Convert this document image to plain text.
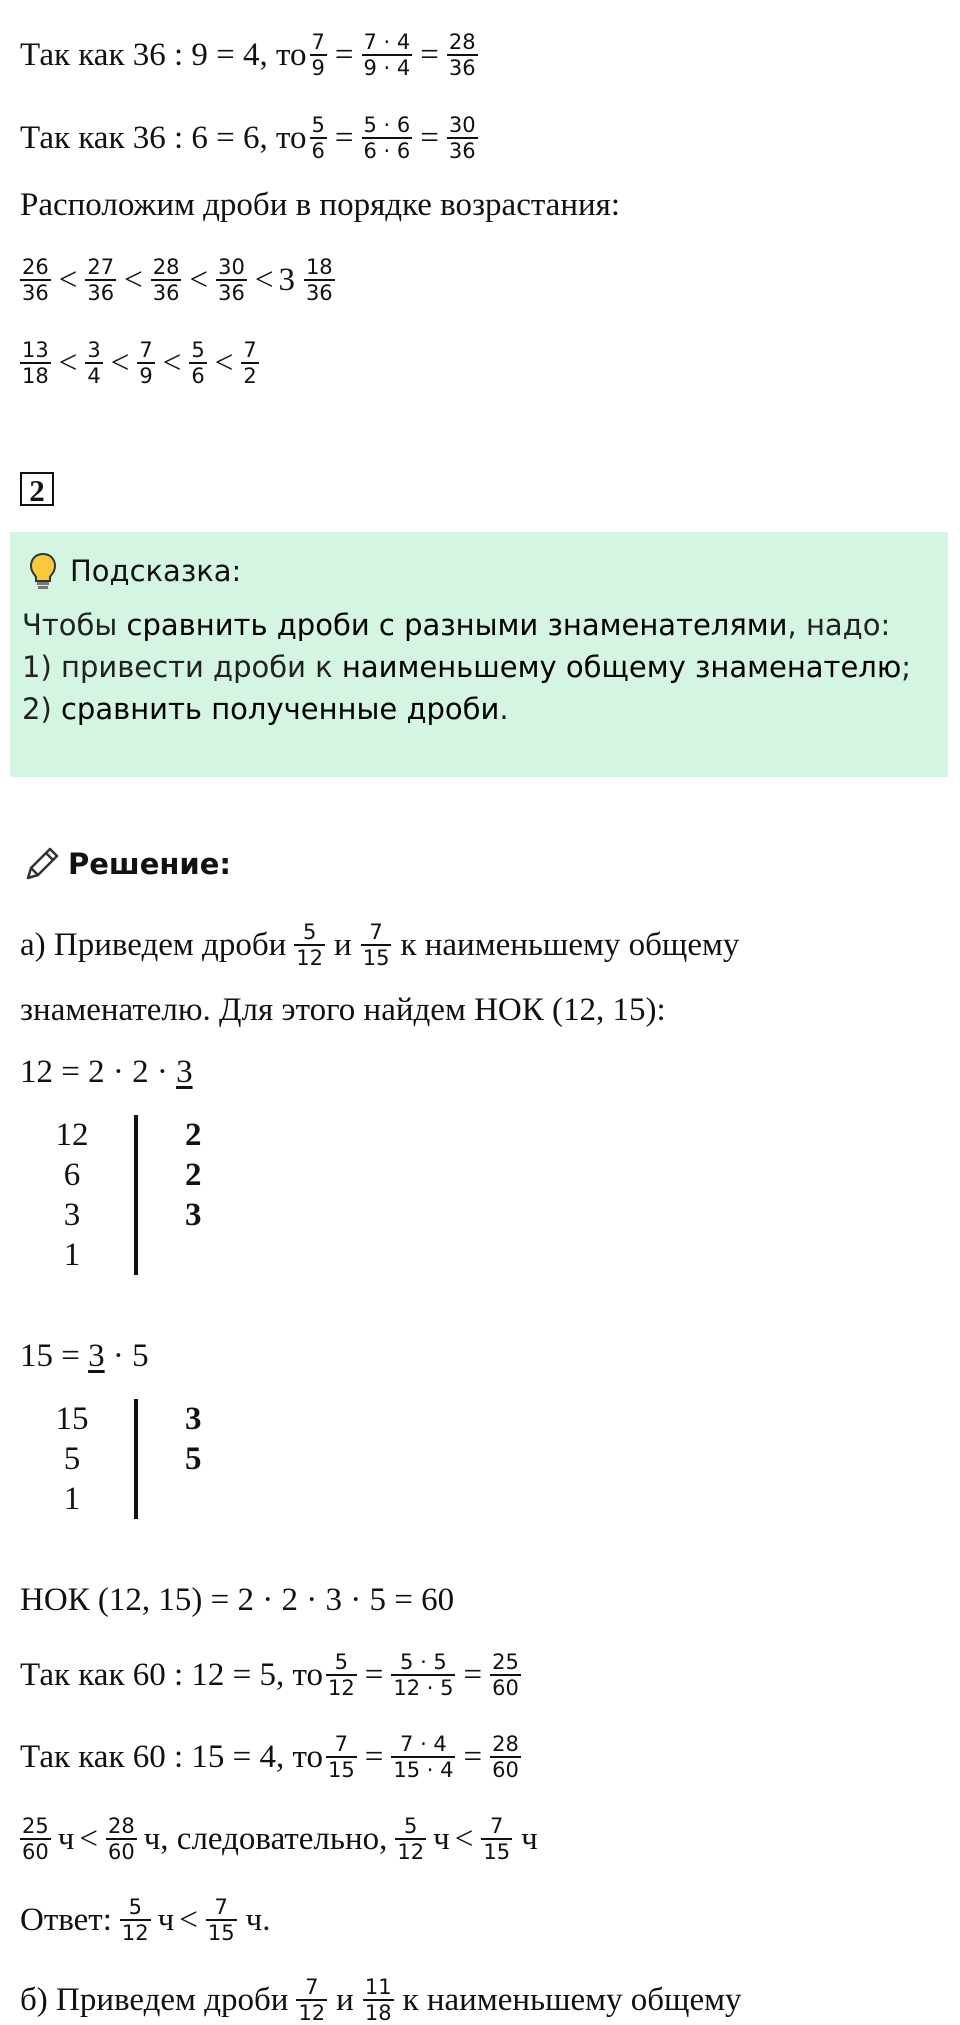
Так как 36 : 9 = 4, то $\frac{7}{9} = \frac{7 \cdot 4}{9 \cdot 4} = \frac{28}{36}$
Так как 36 : 6 = 6, то $\frac{5}{6} = \frac{5 \cdot 6}{6 \cdot 6} = \frac{30}{36}$
Расположим дроби в порядке возрастания:
$\frac{26}{36} < \frac{27}{36} < \frac{28}{36} < \frac{30}{36} < 3 \frac{18}{36}$
$\frac{13}{18} < \frac{3}{4} < \frac{7}{9} < \frac{5}{6} < \frac{7}{2}$
2
Подсказка:
Чтобы сравнить дроби с разными знаменателями, надо:
1) привести дроби к наименьшему общему знаменателю;
2) сравнить полученные дроби.
Решение:
а) Приведем дроби $\frac{5}{12}$ и $\frac{7}{15}$ к наименьшему общему
знаменателю. Для этого найдем НОК (12, 15):
12 = 2 · 2 · 3
12	2
6	2
3	3
1
15 = 3 · 5
15	3
5	5
1
НОК (12, 15) = 2 · 2 · 3 · 5 = 60
Так как 60 : 12 = 5, то $\frac{5}{12} = \frac{5 \cdot 5}{12 \cdot 5} = \frac{25}{60}$
Так как 60 : 15 = 4, то $\frac{7}{15} = \frac{7 \cdot 4}{15 \cdot 4} = \frac{28}{60}$
$\frac{25}{60}$ $ч < \frac{28}{60} ч$, следовательно, $\frac{5}{12}$ $ч < \frac{7}{15}$ ч
Ответ: $\frac{5}{12}$ $ч < \frac{7}{15} ч$.
б) Приведем дроби $\frac{7}{12}$ и $\frac{11}{18}$ к наименьшему общему
